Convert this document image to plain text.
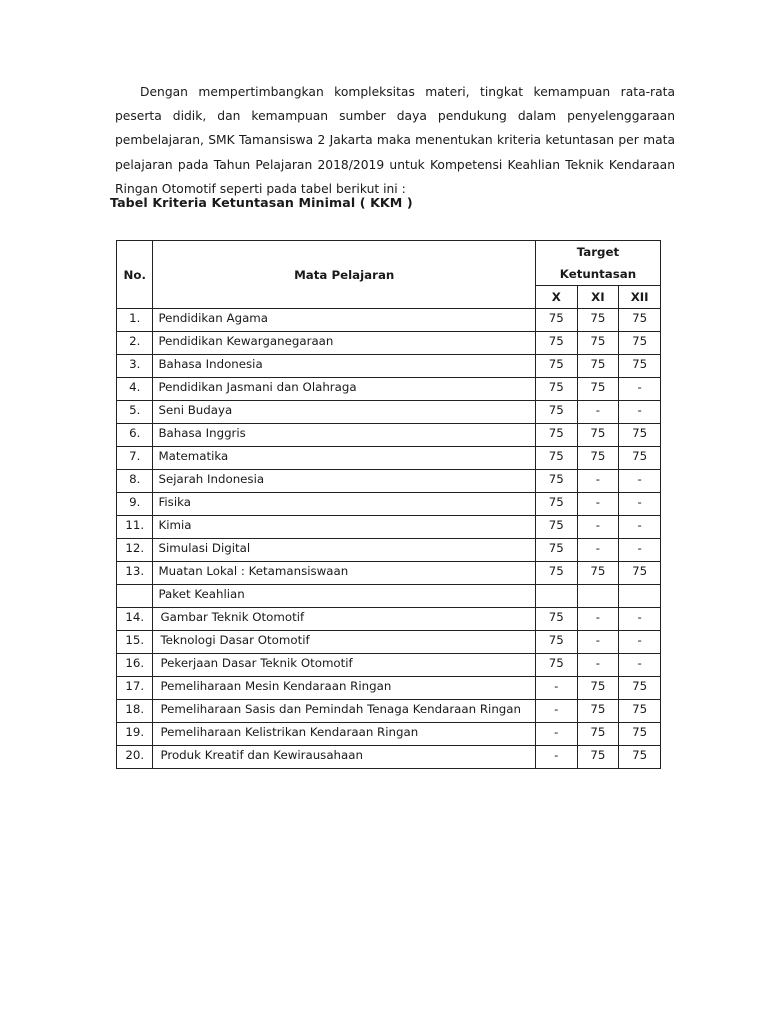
Dengan mempertimbangkan kompleksitas materi, tingkat kemampuan rata-rata peserta didik, dan kemampuan sumber daya pendukung dalam penyelenggaraan pembelajaran, SMK Tamansiswa 2 Jakarta maka menentukan kriteria ketuntasan per mata pelajaran pada Tahun Pelajaran 2018/2019 untuk Kompetensi Keahlian Teknik Kendaraan Ringan Otomotif seperti pada tabel berikut ini :

Tabel Kriteria Ketuntasan Minimal ( KKM )

No.	Mata Pelajaran	Target Ketuntasan		
		X	XI	XII
1.	Pendidikan Agama	75	75	75
2.	Pendidikan Kewarganegaraan	75	75	75
3.	Bahasa Indonesia	75	75	75
4.	Pendidikan Jasmani dan Olahraga	75	75	-
5.	Seni Budaya	75	-	-
6.	Bahasa Inggris	75	75	75
7.	Matematika	75	75	75
8.	Sejarah Indonesia	75	-	-
9.	Fisika	75	-	-
11.	Kimia	75	-	-
12.	Simulasi Digital	75	-	-
13.	Muatan Lokal : Ketamansiswaan	75	75	75
	Paket Keahlian			
14.	Gambar Teknik Otomotif	75	-	-
15.	Teknologi Dasar Otomotif	75	-	-
16.	Pekerjaan Dasar Teknik Otomotif	75	-	-
17.	Pemeliharaan Mesin Kendaraan Ringan	-	75	75
18.	Pemeliharaan Sasis dan Pemindah Tenaga Kendaraan Ringan	-	75	75
19.	Pemeliharaan Kelistrikan Kendaraan Ringan	-	75	75
20.	Produk Kreatif dan Kewirausahaan	-	75	75
